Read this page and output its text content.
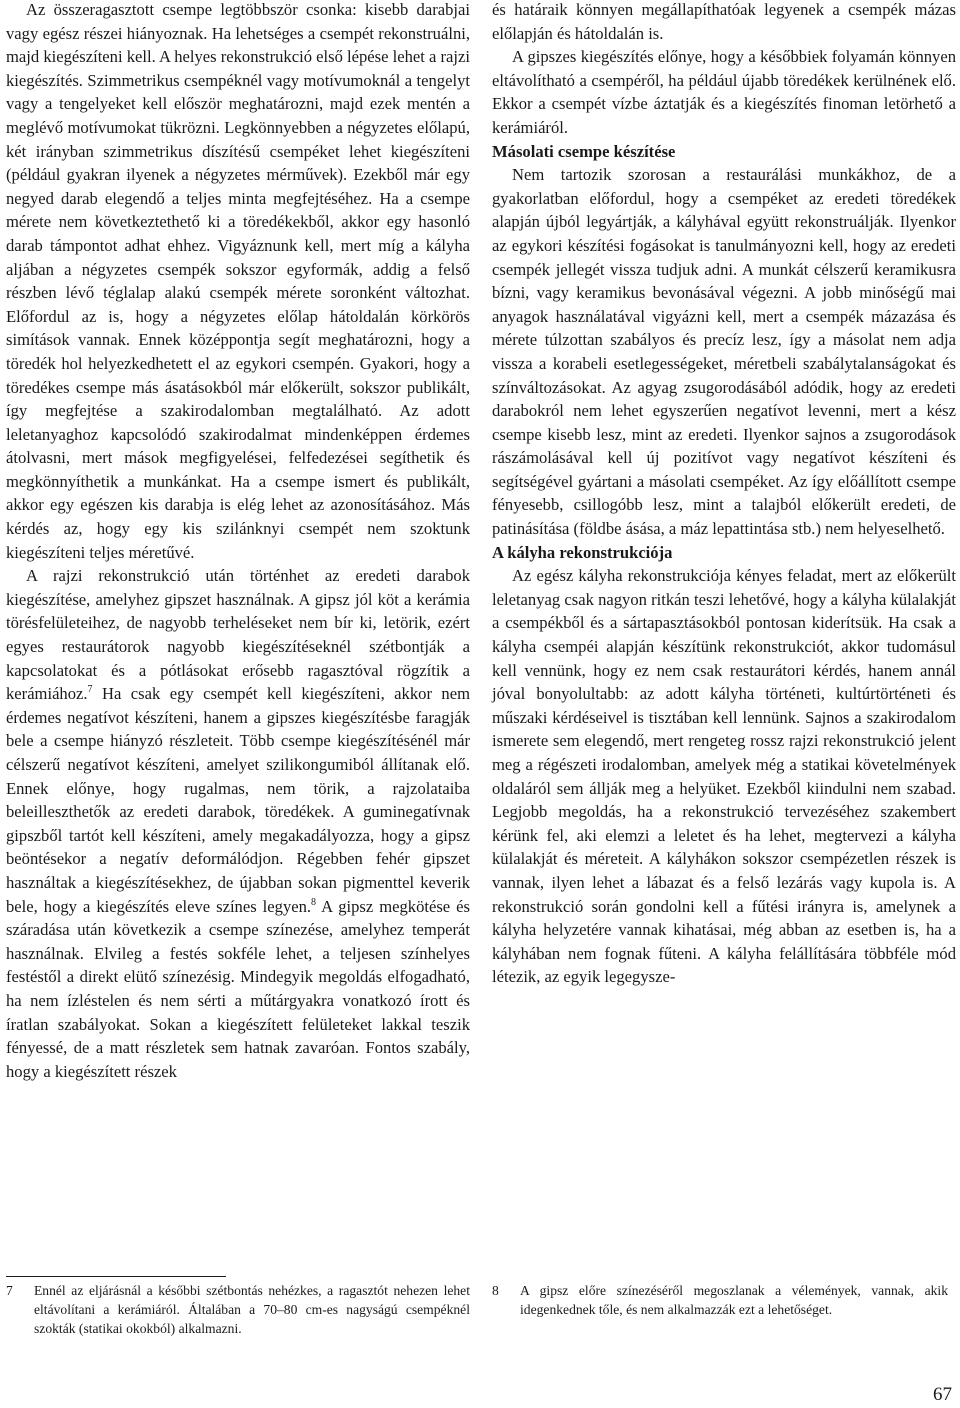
Az összeragasztott csempe legtöbbször csonka: kisebb darabjai vagy egész részei hiányoznak. Ha lehetséges a csempét rekonstruálni, majd kiegészíteni kell. A helyes rekonstrukció első lépése lehet a rajzi kiegészítés. Szimmetrikus csempéknél vagy motívumoknál a tengelyt vagy a tengelyeket kell először meghatározni, majd ezek mentén a meglévő motívumokat tükrözni. Legkönnyebben a négyzetes előlapú, két irányban szimmetrikus díszítésű csempéket lehet kiegészíteni (például gyakran ilyenek a négyzetes mérművek). Ezekből már egy negyed darab elegendő a teljes minta megfejtéséhez. Ha a csempe mérete nem következtethető ki a töredékekből, akkor egy hasonló darab támpontot adhat ehhez. Vigyáznunk kell, mert míg a kályha aljában a négyzetes csempék sokszor egyformák, addig a felső részben lévő téglalap alakú csempék mérete soronként változhat. Előfordul az is, hogy a négyzetes előlap hátoldalán körkörös simítások vannak. Ennek középpontja segít meghatározni, hogy a töredék hol helyezkedhetett el az egykori csempén. Gyakori, hogy a töredékes csempe más ásatásokból már előkerült, sokszor publikált, így megfejtése a szakirodalomban megtalálható. Az adott leletanyaghoz kapcsolódó szakirodalmat mindenképpen érdemes átolvasni, mert mások megfigyelései, felfedezései segíthetik és megkönnyíthetik a munkánkat. Ha a csempe ismert és publikált, akkor egy egészen kis darabja is elég lehet az azonosításához. Más kérdés az, hogy egy kis szilánknyi csempét nem szoktunk kiegészíteni teljes méretűvé.

A rajzi rekonstrukció után történhet az eredeti darabok kiegészítése, amelyhez gipszet használnak. A gipsz jól köt a kerámia törésfelületeihez, de nagyobb terheléseket nem bír ki, letörik, ezért egyes restaurátorok nagyobb kiegészítéseknél szétbontják a kapcsolatokat és a pótlásokat erősebb ragasztóval rögzítik a kerámiához.$^7$ Ha csak egy csempét kell kiegészíteni, akkor nem érdemes negatívot készíteni, hanem a gipszes kiegészítésbe faragják bele a csempe hiányzó részleteit. Több csempe kiegészítésénél már célszerű negatívot készíteni, amelyet szilikongumiból állítanak elő. Ennek előnye, hogy rugalmas, nem törik, a rajzolataiba beleilleszthetők az eredeti darabok, töredékek. A guminegatívnak gipszből tartót kell készíteni, amely megakadályozza, hogy a gipsz beöntésekor a negatív deformálódjon. Régebben fehér gipszet használtak a kiegészítésekhez, de újabban sokan pigmenttel keverik bele, hogy a kiegészítés eleve színes legyen.$^8$ A gipsz megkötése és száradása után következik a csempe színezése, amelyhez temperát használnak. Elvileg a festés sokféle lehet, a teljesen színhelyes festéstől a direkt elütő színezésig. Mindegyik megoldás elfogadható, ha nem ízléstelen és nem sérti a műtárgyakra vonatkozó írott és íratlan szabályokat. Sokan a kiegészített felületeket lakkal teszik fényessé, de a matt részletek sem hatnak zavaróan. Fontos szabály, hogy a kiegészített részek

és határaik könnyen megállapíthatóak legyenek a csempék mázas előlapján és hátoldalán is.

A gipszes kiegészítés előnye, hogy a későbbiek folyamán könnyen eltávolítható a csempéről, ha például újabb töredékek kerülnének elő. Ekkor a csempét vízbe áztatják és a kiegészítés finoman letörhető a kerámiáról.

Másolati csempe készítése

Nem tartozik szorosan a restaurálási munkákhoz, de a gyakorlatban előfordul, hogy a csempéket az eredeti töredékek alapján újból legyártják, a kályhával együtt rekonstruálják. Ilyenkor az egykori készítési fogásokat is tanulmányozni kell, hogy az eredeti csempék jellegét vissza tudjuk adni. A munkát célszerű keramikusra bízni, vagy keramikus bevonásával végezni. A jobb minőségű mai anyagok használatával vigyázni kell, mert a csempék mázazása és mérete túlzottan szabályos és precíz lesz, így a másolat nem adja vissza a korabeli esetlegességeket, méretbeli szabálytalanságokat és színváltozásokat. Az agyag zsugorodásából adódik, hogy az eredeti darabokról nem lehet egyszerűen negatívot levenni, mert a kész csempe kisebb lesz, mint az eredeti. Ilyenkor sajnos a zsugorodások rászámolásával kell új pozitívot vagy negatívot készíteni és segítségével gyártani a másolati csempéket. Az így előállított csempe fényesebb, csillogóbb lesz, mint a talajból előkerült eredeti, de patinásítása (földbe ásása, a máz lepattintása stb.) nem helyeselhető.

A kályha rekonstrukciója

Az egész kályha rekonstrukciója kényes feladat, mert az előkerült leletanyag csak nagyon ritkán teszi lehetővé, hogy a kályha külalakját a csempékből és a sártapasztásokból pontosan kiderítsük. Ha csak a kályha csempéi alapján készítünk rekonstrukciót, akkor tudomásul kell vennünk, hogy ez nem csak restaurátori kérdés, hanem annál jóval bonyolultabb: az adott kályha történeti, kultúrtörténeti és műszaki kérdéseivel is tisztában kell lennünk. Sajnos a szakirodalom ismerete sem elegendő, mert rengeteg rossz rajzi rekonstrukció jelent meg a régészeti irodalomban, amelyek még a statikai követelmények oldaláról sem állják meg a helyüket. Ezekből kiindulni nem szabad. Legjobb megoldás, ha a rekonstrukció tervezéséhez szakembert kérünk fel, aki elemzi a leletet és ha lehet, megtervezi a kályha külalakját és méreteit. A kályhákon sokszor csempézetlen részek is vannak, ilyen lehet a lábazat és a felső lezárás vagy kupola is. A rekonstrukció során gondolni kell a fűtési irányra is, amelynek a kályha helyzetére vannak kihatásai, még abban az esetben is, ha a kályhában nem fognak fűteni. A kályha felállítására többféle mód létezik, az egyik legegysze-

7	Ennél az eljárásnál a későbbi szétbontás nehézkes, a ragasztót nehezen lehet eltávolítani a kerámiáról. Általában a 70–80 cm-es nagyságú csempéknél szokták (statikai okokból) alkalmazni.
8	A gipsz előre színezéséről megoszlanak a vélemények, vannak, akik idegenkednek tőle, és nem alkalmazzák ezt a lehetőséget.
67
